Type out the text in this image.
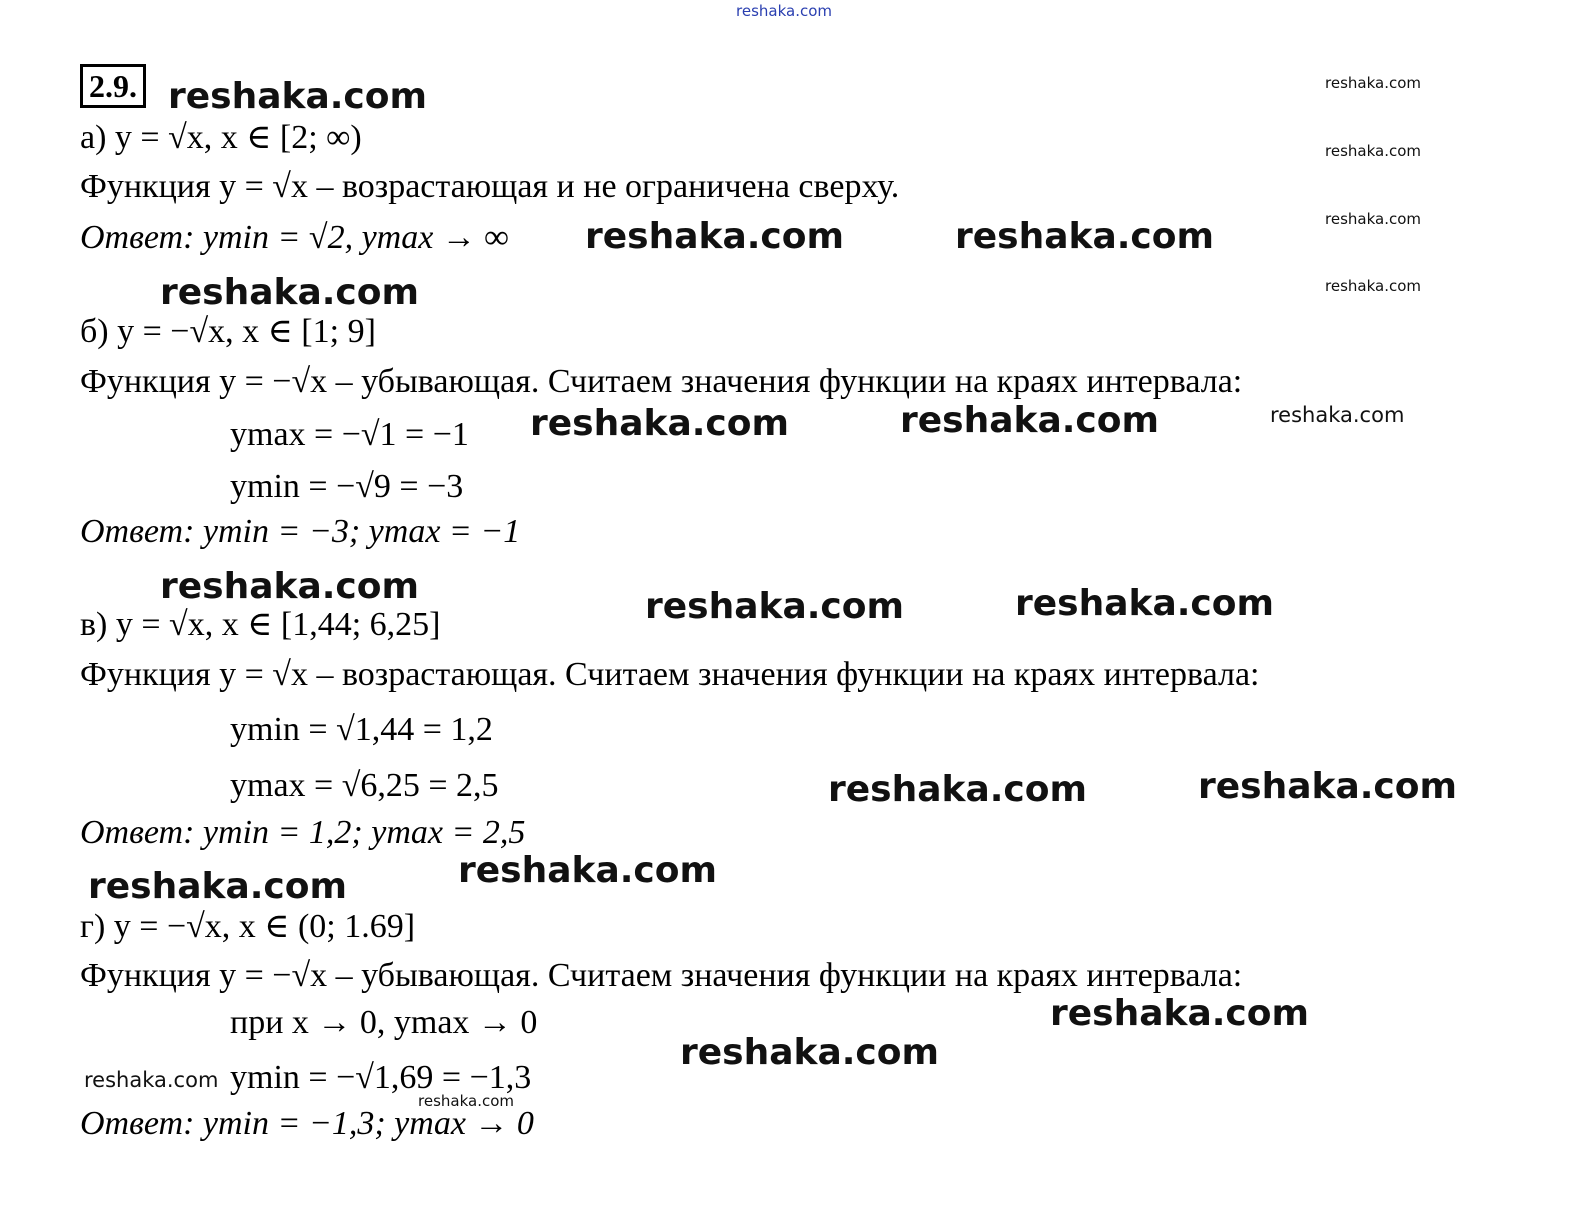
reshaka.com
2.9.
а) y = √x, x ∈ [2; ∞)
Функция y = √x – возрастающая и не ограничена сверху.
Ответ: ymin = √2, ymax → ∞
б) y = −√x, x ∈ [1; 9]
Функция y = −√x – убывающая. Считаем значения функции на краях интервала:
ymax = −√1 = −1
ymin = −√9 = −3
Ответ: ymin = −3; ymax = −1
в) y = √x, x ∈ [1,44; 6,25]
Функция y = √x – возрастающая. Считаем значения функции на краях интервала:
ymin = √1,44 = 1,2
ymax = √6,25 = 2,5
Ответ: ymin = 1,2; ymax = 2,5
г) y = −√x, x ∈ (0; 1.69]
Функция y = −√x – убывающая. Считаем значения функции на краях интервала:
при x → 0, ymax → 0
ymin = −√1,69 = −1,3
Ответ: ymin = −1,3; ymax → 0
reshaka.com
reshaka.com	reshaka.com
reshaka.com
reshaka.com	reshaka.com
reshaka.com	reshaka.com	reshaka.com
reshaka.com	reshaka.com
reshaka.com
reshaka.com
reshaka.com
reshaka.com
reshaka.com
reshaka.com
reshaka.com
reshaka.com
reshaka.com
reshaka.com
reshaka.com
